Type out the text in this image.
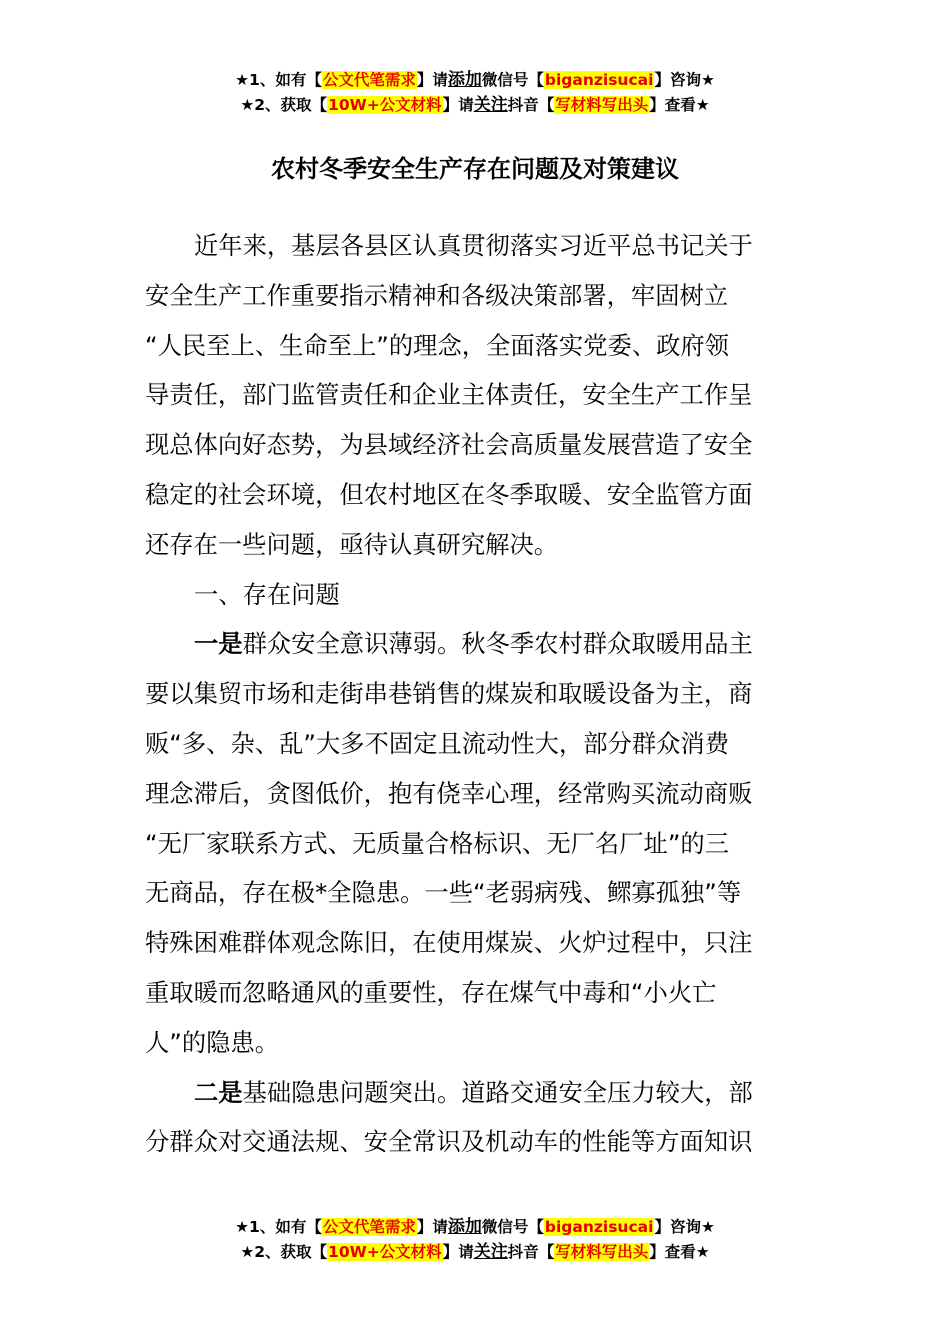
★1、如有【公文代笔需求】请添加微信号【biganzisucai】咨询★
★2、获取【10W+公文材料】请关注抖音【写材料写出头】查看★
农村冬季安全生产存在问题及对策建议
近年来，基层各县区认真贯彻落实习近平总书记关于
安全生产工作重要指示精神和各级决策部署，牢固树立
“人民至上、生命至上”的理念，全面落实党委、政府领
导责任，部门监管责任和企业主体责任，安全生产工作呈
现总体向好态势，为县域经济社会高质量发展营造了安全
稳定的社会环境，但农村地区在冬季取暖、安全监管方面
还存在一些问题，亟待认真研究解决。
一、存在问题
一是群众安全意识薄弱。秋冬季农村群众取暖用品主
要以集贸市场和走街串巷销售的煤炭和取暖设备为主，商
贩“多、杂、乱”大多不固定且流动性大，部分群众消费
理念滞后，贪图低价，抱有侥幸心理，经常购买流动商贩
“无厂家联系方式、无质量合格标识、无厂名厂址”的三
无商品，存在极*全隐患。一些“老弱病残、鳏寡孤独”等
特殊困难群体观念陈旧，在使用煤炭、火炉过程中，只注
重取暖而忽略通风的重要性，存在煤气中毒和“小火亡
人”的隐患。
二是基础隐患问题突出。道路交通安全压力较大，部
分群众对交通法规、安全常识及机动车的性能等方面知识
★1、如有【公文代笔需求】请添加微信号【biganzisucai】咨询★
★2、获取【10W+公文材料】请关注抖音【写材料写出头】查看★
